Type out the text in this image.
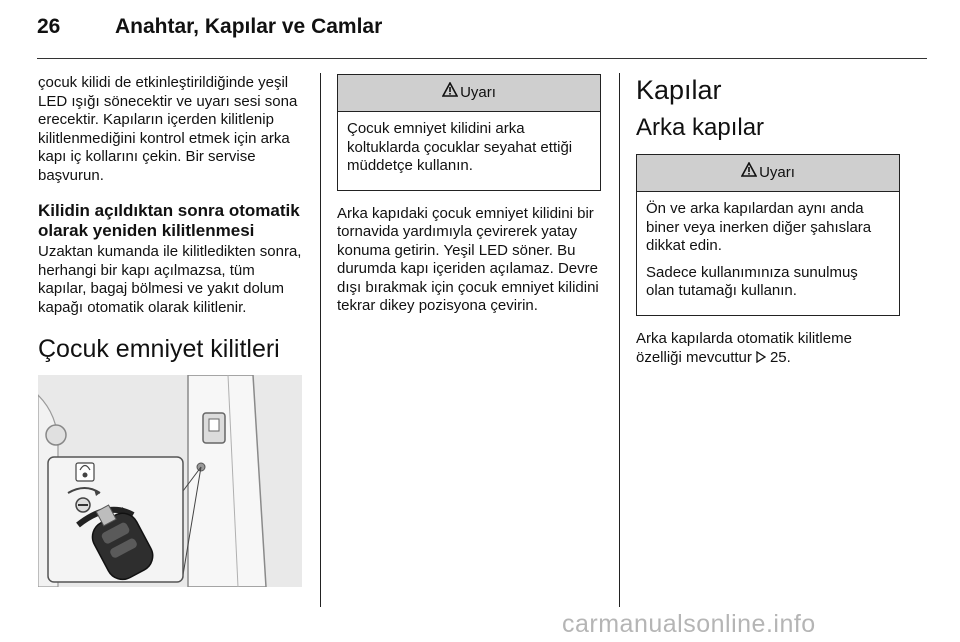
26	Anahtar, Kapılar ve Camlar

çocuk kilidi de etkinleştirildiğinde yeşil LED ışığı sönecektir ve uyarı sesi sona erecektir. Kapıların içerden kilitlenip kilitlenmediğini kontrol etmek için arka kapı iç kollarını çekin. Bir servise başvurun.

Kilidin açıldıktan sonra otomatik olarak yeniden kilitlenmesi

Uzaktan kumanda ile kilitledikten sonra, herhangi bir kapı açılmazsa, tüm kapılar, bagaj bölmesi ve yakıt dolum kapağı otomatik olarak kilitlenir.

Çocuk emniyet kilitleri
Uyarı

Çocuk emniyet kilidini arka koltuklarda çocuklar seyahat ettiği müddetçe kullanın.

Arka kapıdaki çocuk emniyet kilidini bir tornavida yardımıyla çevirerek yatay konuma getirin. Yeşil LED söner. Bu durumda kapı içeriden açılamaz. Devre dışı bırakmak için çocuk emniyet kilidini tekrar dikey pozisyona çevirin.

Kapılar
Arka kapılar
Uyarı

Ön ve arka kapılardan aynı anda biner veya inerken diğer şahıslara dikkat edin.

Sadece kullanımınıza sunulmuş olan tutamağı kullanın.

Arka kapılarda otomatik kilitleme özelliği mevcuttur  25.

carmanualsonline.info
